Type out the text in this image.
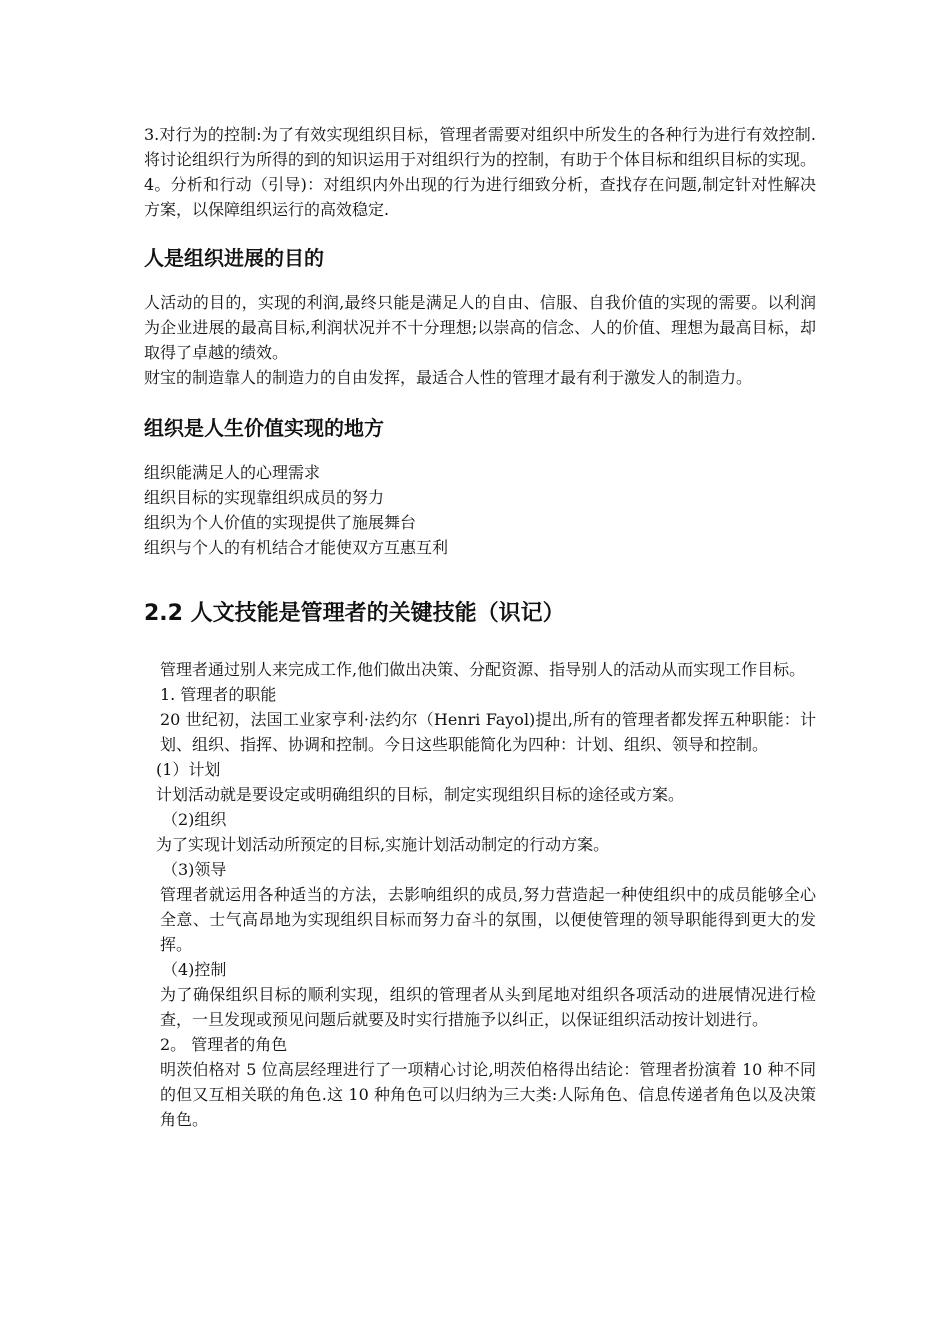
3.对行为的控制:为了有效实现组织目标，管理者需要对组织中所发生的各种行为进行有效控制.将讨论组织行为所得的到的知识运用于对组织行为的控制，有助于个体目标和组织目标的实现。

4。分析和行动（引导)：对组织内外出现的行为进行细致分析，查找存在问题,制定针对性解决方案，以保障组织运行的高效稳定.

人是组织进展的目的

人活动的目的，实现的利润,最终只能是满足人的自由、信服、自我价值的实现的需要。以利润为企业进展的最高目标,利润状况并不十分理想;以崇高的信念、人的价值、理想为最高目标，却取得了卓越的绩效。

财宝的制造靠人的制造力的自由发挥，最适合人性的管理才最有利于激发人的制造力。

组织是人生价值实现的地方

组织能满足人的心理需求

组织目标的实现靠组织成员的努力

组织为个人价值的实现提供了施展舞台

组织与个人的有机结合才能使双方互惠互利

2.2 人文技能是管理者的关键技能（识记）

管理者通过别人来完成工作,他们做出决策、分配资源、指导别人的活动从而实现工作目标。

1. 管理者的职能

20 世纪初，法国工业家亨利·法约尔（Henri Fayol)提出,所有的管理者都发挥五种职能：计划、组织、指挥、协调和控制。今日这些职能简化为四种：计划、组织、领导和控制。

(1）计划

计划活动就是要设定或明确组织的目标，制定实现组织目标的途径或方案。

（2)组织

为了实现计划活动所预定的目标,实施计划活动制定的行动方案。

（3)领导

管理者就运用各种适当的方法，去影响组织的成员,努力营造起一种使组织中的成员能够全心全意、士气高昂地为实现组织目标而努力奋斗的氛围，以便使管理的领导职能得到更大的发挥。

（4)控制

为了确保组织目标的顺利实现，组织的管理者从头到尾地对组织各项活动的进展情况进行检查，一旦发现或预见问题后就要及时实行措施予以纠正，以保证组织活动按计划进行。

2。 管理者的角色

明茨伯格对 5 位高层经理进行了一项精心讨论,明茨伯格得出结论：管理者扮演着 10 种不同的但又互相关联的角色.这 10 种角色可以归纳为三大类:人际角色、信息传递者角色以及决策角色。
